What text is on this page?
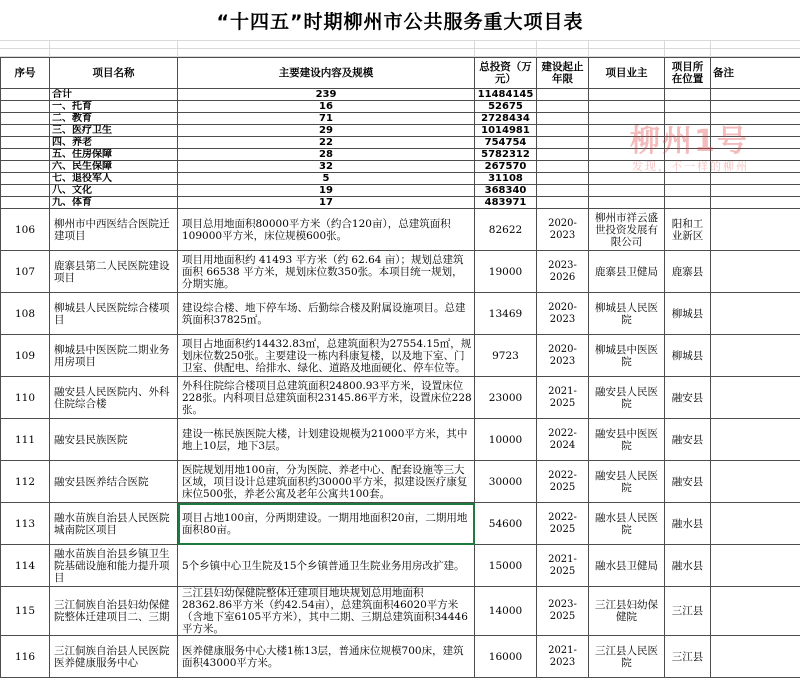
“十四五”时期柳州市公共服务重大项目表
序号	项目名称	主要建设内容及规模	总投资（万元）	建设起止年限	项目业主	项目所在位置	备注
	合计	239	11484145				
	一、托育	16	52675				
	二、教育	71	2728434				
	三、医疗卫生	29	1014981				
	四、养老	22	754754				
	五、住房保障	28	5782312				
	六、民生保障	32	267570				
	七、退役军人	5	31108				
	八、文化	19	368340				
	九、体育	17	483971				
106	柳州市中西医结合医院迁建项目	项目总用地面积80000平方米（约合120亩），总建筑面积109000平方米，床位规模600张。	82622	2020-2023	柳州市祥云盛世投资发展有限公司	阳和工业新区	
107	鹿寨县第二人民医院建设项目	项目用地面积约 41493 平方米（约 62.64 亩）；规划总建筑面积 66538 平方米，规划床位数350张。本项目统一规划，分期实施。	19000	2023-2026	鹿寨县卫健局	鹿寨县	
108	柳城县人民医院综合楼项目	建设综合楼、地下停车场、后勤综合楼及附属设施项目。总建筑面积37825㎡。	13469	2020-2023	柳城县人民医院	柳城县	
109	柳城县中医医院二期业务用房项目	项目占地面积约14432.83㎡，总建筑面积为27554.15㎡，规划床位数250张。主要建设一栋内科康复楼，以及地下室、门卫室、供配电、给排水、绿化、道路及地面硬化、停车位等。	9723	2020-2023	柳城县中医医院	柳城县	
110	融安县人民医院内、外科住院综合楼	外科住院综合楼项目总建筑面积24800.93平方米，设置床位228张。内科项目总建筑面积23145.86平方米，设置床位228张。	23000	2021-2025	融安县人民医院	融安县	
111	融安县民族医院	建设一栋民族医院大楼，计划建设规模为21000平方米，其中地上10层，地下3层。	10000	2022-2024	融安县中医医院	融安县	
112	融安县医养结合医院	医院规划用地100亩，分为医院、养老中心、配套设施等三大区域，项目设计总建筑面积约30000平方米，拟建设医疗康复床位500张，养老公寓及老年公寓共100套。	30000	2022-2025	融安县人民医院	融安县	
113	融水苗族自治县人民医院城南院区项目	项目占地100亩，分两期建设。一期用地面积20亩，二期用地面积80亩。	54600	2022-2025	融水县人民医院	融水县	
114	融水苗族自治县乡镇卫生院基础设施和能力提升项目	5个乡镇中心卫生院及15个乡镇普通卫生院业务用房改扩建。	15000	2021-2025	融水县卫健局	融水县	
115	三江侗族自治县妇幼保健院整体迁建项目二、三期	三江县妇幼保健院整体迁建项目地块规划总用地面积28362.86平方米（约42.54亩），总建筑面积46020平方米（含地下室6105平方米），其中二期、三期总建筑面积34446平方米。	14000	2023-2025	三江县妇幼保健院	三江县	
116	三江侗族自治县人民医院医养健康服务中心	医养健康服务中心大楼1栋13层，普通床位规模700床，建筑面积43000平方米。	16000	2021-2023	三江县人民医院	三江县	
柳州1号
发现，不一样的柳州
